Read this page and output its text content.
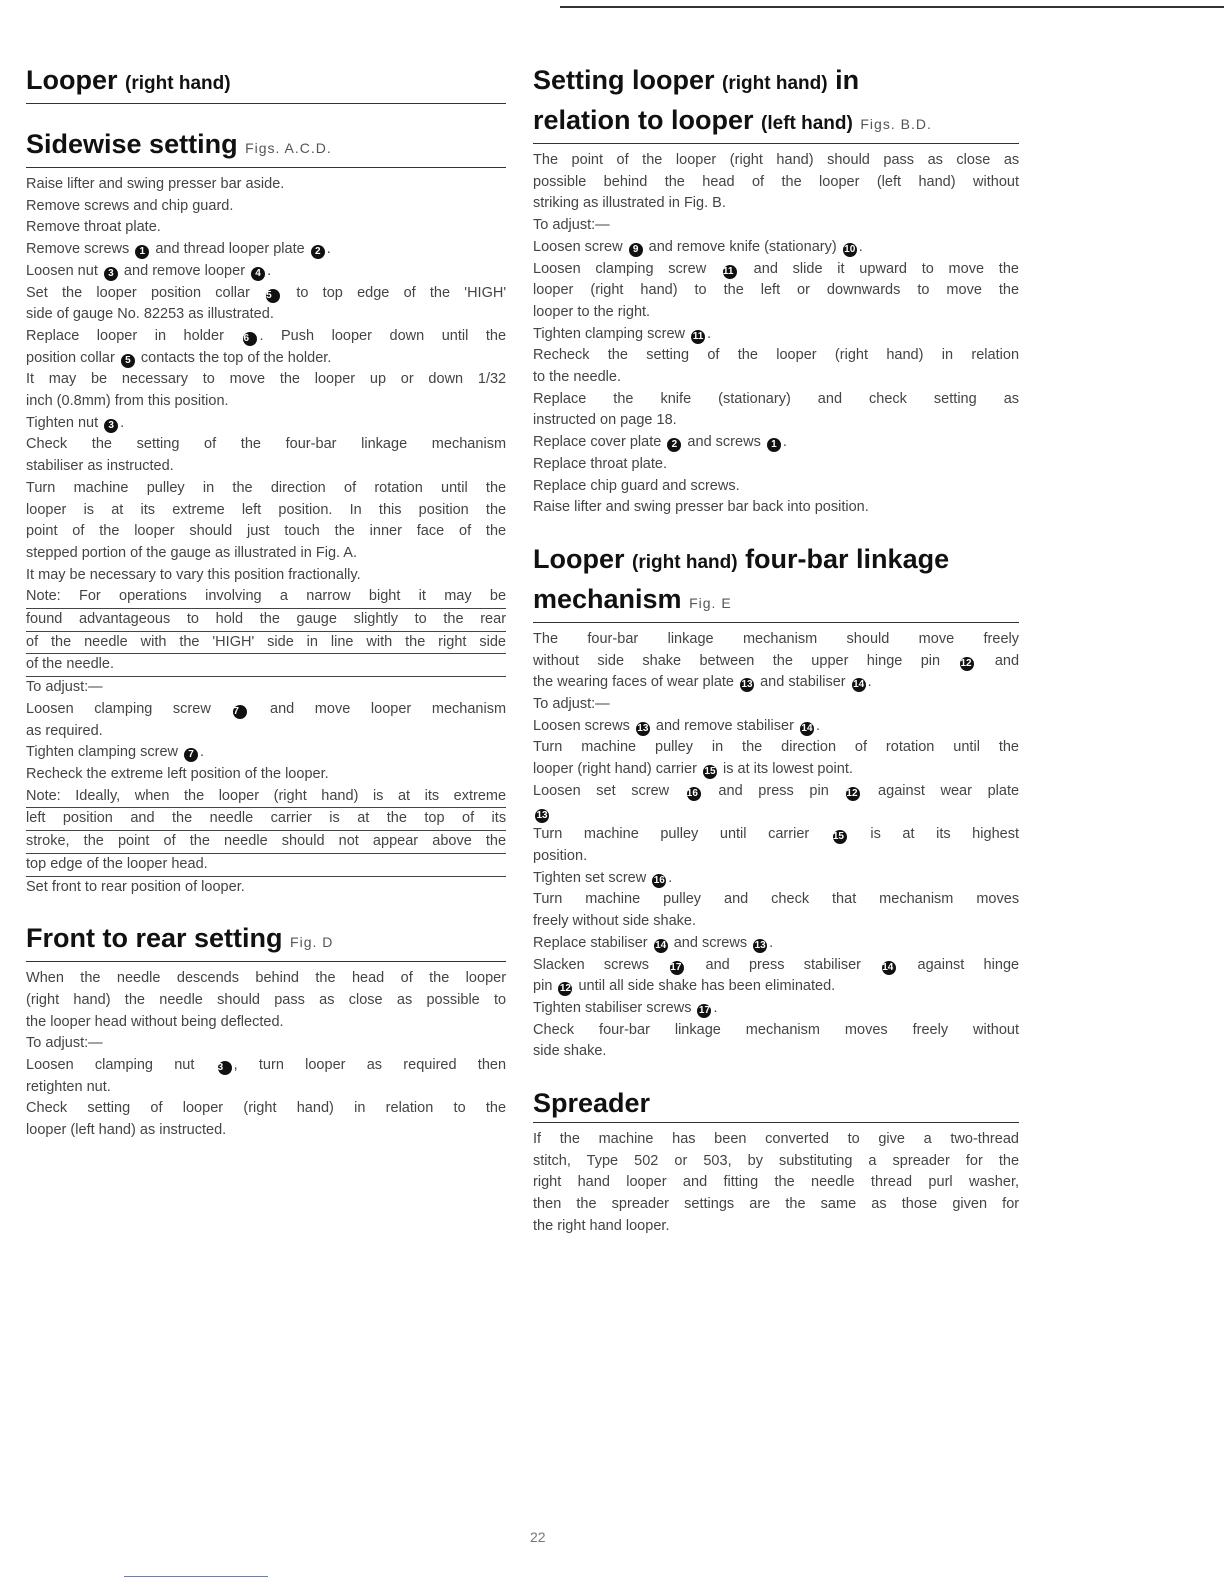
Looper (right hand)
Sidewise setting Figs. A.C.D.
Raise lifter and swing presser bar aside.
Remove screws and chip guard.
Remove throat plate.
Remove screws 1 and thread looper plate 2 .
Loosen nut 3 and remove looper 4 .
Set the looper position collar 5 to top edge of the 'HIGH'
side of gauge No. 82253 as illustrated.
Replace looper in holder 6 . Push looper down until the
position collar 5 contacts the top of the holder.
It may be necessary to move the looper up or down 1/32
inch (0.8mm) from this position.
Tighten nut 3 .
Check the setting of the four-bar linkage mechanism
stabiliser as instructed.
Turn machine pulley in the direction of rotation until the
looper is at its extreme left position. In this position the
point of the looper should just touch the inner face of the
stepped portion of the gauge as illustrated in Fig. A.
It may be necessary to vary this position fractionally.
Note: For operations involving a narrow bight it may be
found advantageous to hold the gauge slightly to the rear
of the needle with the 'HIGH' side in line with the right side
of the needle.
To adjust:—
Loosen clamping screw 7 and move looper mechanism
as required.
Tighten clamping screw 7 .
Recheck the extreme left position of the looper.
Note: Ideally, when the looper (right hand) is at its extreme
left position and the needle carrier is at the top of its
stroke, the point of the needle should not appear above the
top edge of the looper head.
Set front to rear position of looper.
Front to rear setting Fig. D
When the needle descends behind the head of the looper
(right hand) the needle should pass as close as possible to
the looper head without being deflected.
To adjust:—
Loosen clamping nut 3 , turn looper as required then
retighten nut.
Check setting of looper (right hand) in relation to the
looper (left hand) as instructed.
Setting looper (right hand) in
relation to looper (left hand) Figs. B.D.
The point of the looper (right hand) should pass as close as
possible behind the head of the looper (left hand) without
striking as illustrated in Fig. B.
To adjust:—
Loosen screw 9 and remove knife (stationary) 10 .
Loosen clamping screw 11 and slide it upward to move the
looper (right hand) to the left or downwards to move the
looper to the right.
Tighten clamping screw 11 .
Recheck the setting of the looper (right hand) in relation
to the needle.
Replace the knife (stationary) and check setting as
instructed on page 18.
Replace cover plate 2 and screws 1 .
Replace throat plate.
Replace chip guard and screws.
Raise lifter and swing presser bar back into position.
Looper (right hand) four-bar linkage
mechanism Fig. E
The four-bar linkage mechanism should move freely
without side shake between the upper hinge pin 12 and
the wearing faces of wear plate 13 and stabiliser 14 .
To adjust:—
Loosen screws 13 and remove stabiliser 14 .
Turn machine pulley in the direction of rotation until the
looper (right hand) carrier 15 is at its lowest point.
Loosen set screw 16 and press pin 12 against wear plate
13
Turn machine pulley until carrier 15 is at its highest
position.
Tighten set screw 16 .
Turn machine pulley and check that mechanism moves
freely without side shake.
Replace stabiliser 14 and screws 13 .
Slacken screws 17 and press stabiliser 14 against hinge
pin 12 until all side shake has been eliminated.
Tighten stabiliser screws 17 .
Check four-bar linkage mechanism moves freely without
side shake.
Spreader
If the machine has been converted to give a two-thread
stitch, Type 502 or 503, by substituting a spreader for the
right hand looper and fitting the needle thread purl washer,
then the spreader settings are the same as those given for
the right hand looper.
22
